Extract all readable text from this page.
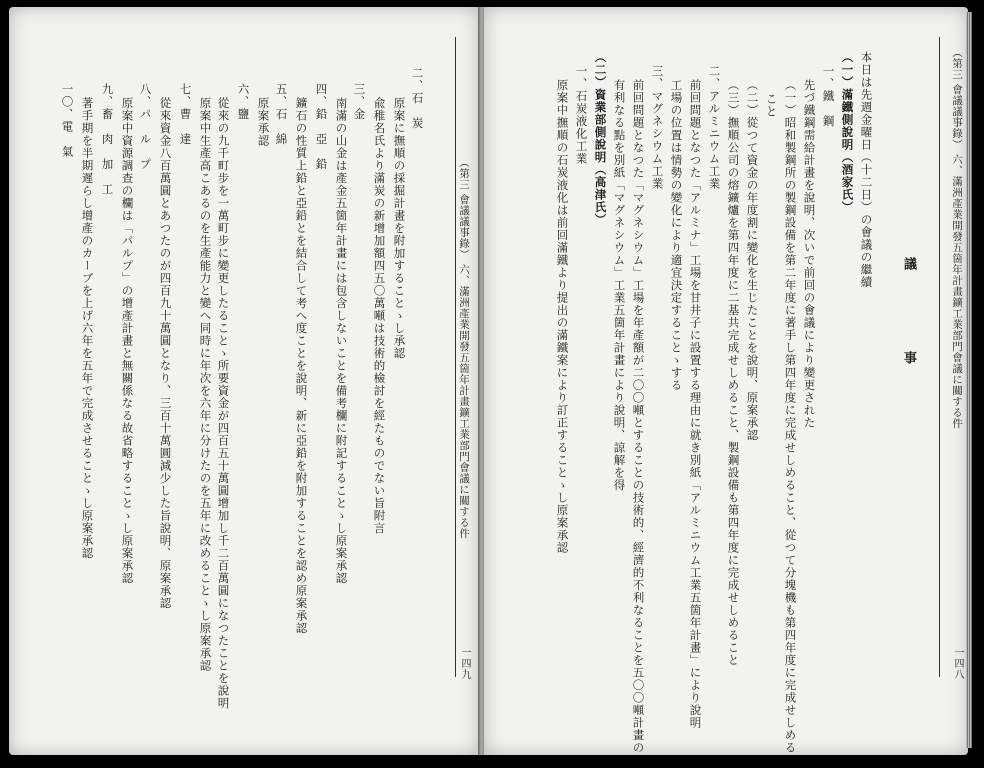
（第三 會議議事錄） 六、滿洲產業開發五箇年計畫鑛工業部門會議に關する件
一四九
二、石　炭
原案に撫順の採掘計畫を附加することゝし承認
兪稚名氏より滿炭の新增加額四五〇萬噸は技術的檢討を經たものでない旨附言
三、金
南滿の山金は產金五箇年計畫には包含しないことを備考欄に附記することゝし原案承認
四、鉛　亞　鉛
鑛石の性質上鉛と亞鉛とを結合して考へ度ことを說明、新に亞鉛を附加することを認め原案承認
五、石　綿
原案承認
六、鹽
從來の九千町步を一萬町步に變更したることゝ所要資金が四百五十萬圓增加し千二百萬圓になつたことを說明
原案中生產高こあるのを生產能力と變へ同時に年次を六年に分けたのを五年に改めることゝし原案承認
七、曹　達
從來資金八百萬圓とあつたのが四百九十萬圓となり、三百十萬圓減少した旨說明、原案承認
八、パ　ル　プ
原案中資源調查の欄は「パルプ」の增產計畫と無關係なる故省略することゝし原案承認
九、畜　肉　加　工
著手期を半期遲らし增產のカーブを上げ六年を五年で完成させることゝし原案承認
一〇、電　氣	（第三 會議議事錄） 六、滿洲產業開發五箇年計畫鑛工業部門會議に關する件
一四八
議　事
本日は先週金曜日（十二日）の會議の繼續
（一）滿鐵側說明（酒家氏）
一、鐵　鋼
先づ鐵鋼需給計畫を說明、次いで前回の會議により變更された
（一）昭和製鋼所の製鋼設備を第二年度に著手し第四年度に完成せしめること、從つて分塊機も第四年度に完成せしめる
こと
（二）從つて資金の年度割に變化を生じたことを說明、原案承認
（三）撫順公司の熔鑛爐を第四年度に二基共完成せしめること、製鋼設備も第四年度に完成せしめること
二、アルミニウム工業
前回問題となつた「アルミナ」工場を甘井子に設置する理由に就き別紙「アルミニウム工業五箇年計畫」により說明
工場の位置は情勢の變化により適宜決定することゝする
三、マグネシウム工業
前回問題となつた「マグネシウム」工場を年產額が二〇〇噸とすることの技術的、經濟的不利なることを五〇〇噸計畫の
有利なる點を別紙「マグネシウム」工業五箇年計畫により說明、諒解を得
（二）資業部側說明（高津氏）
一、石炭液化工業
原案中撫順の石炭液化は前回滿鐵より提出の滿鐵案により訂正することゝし原案承認
